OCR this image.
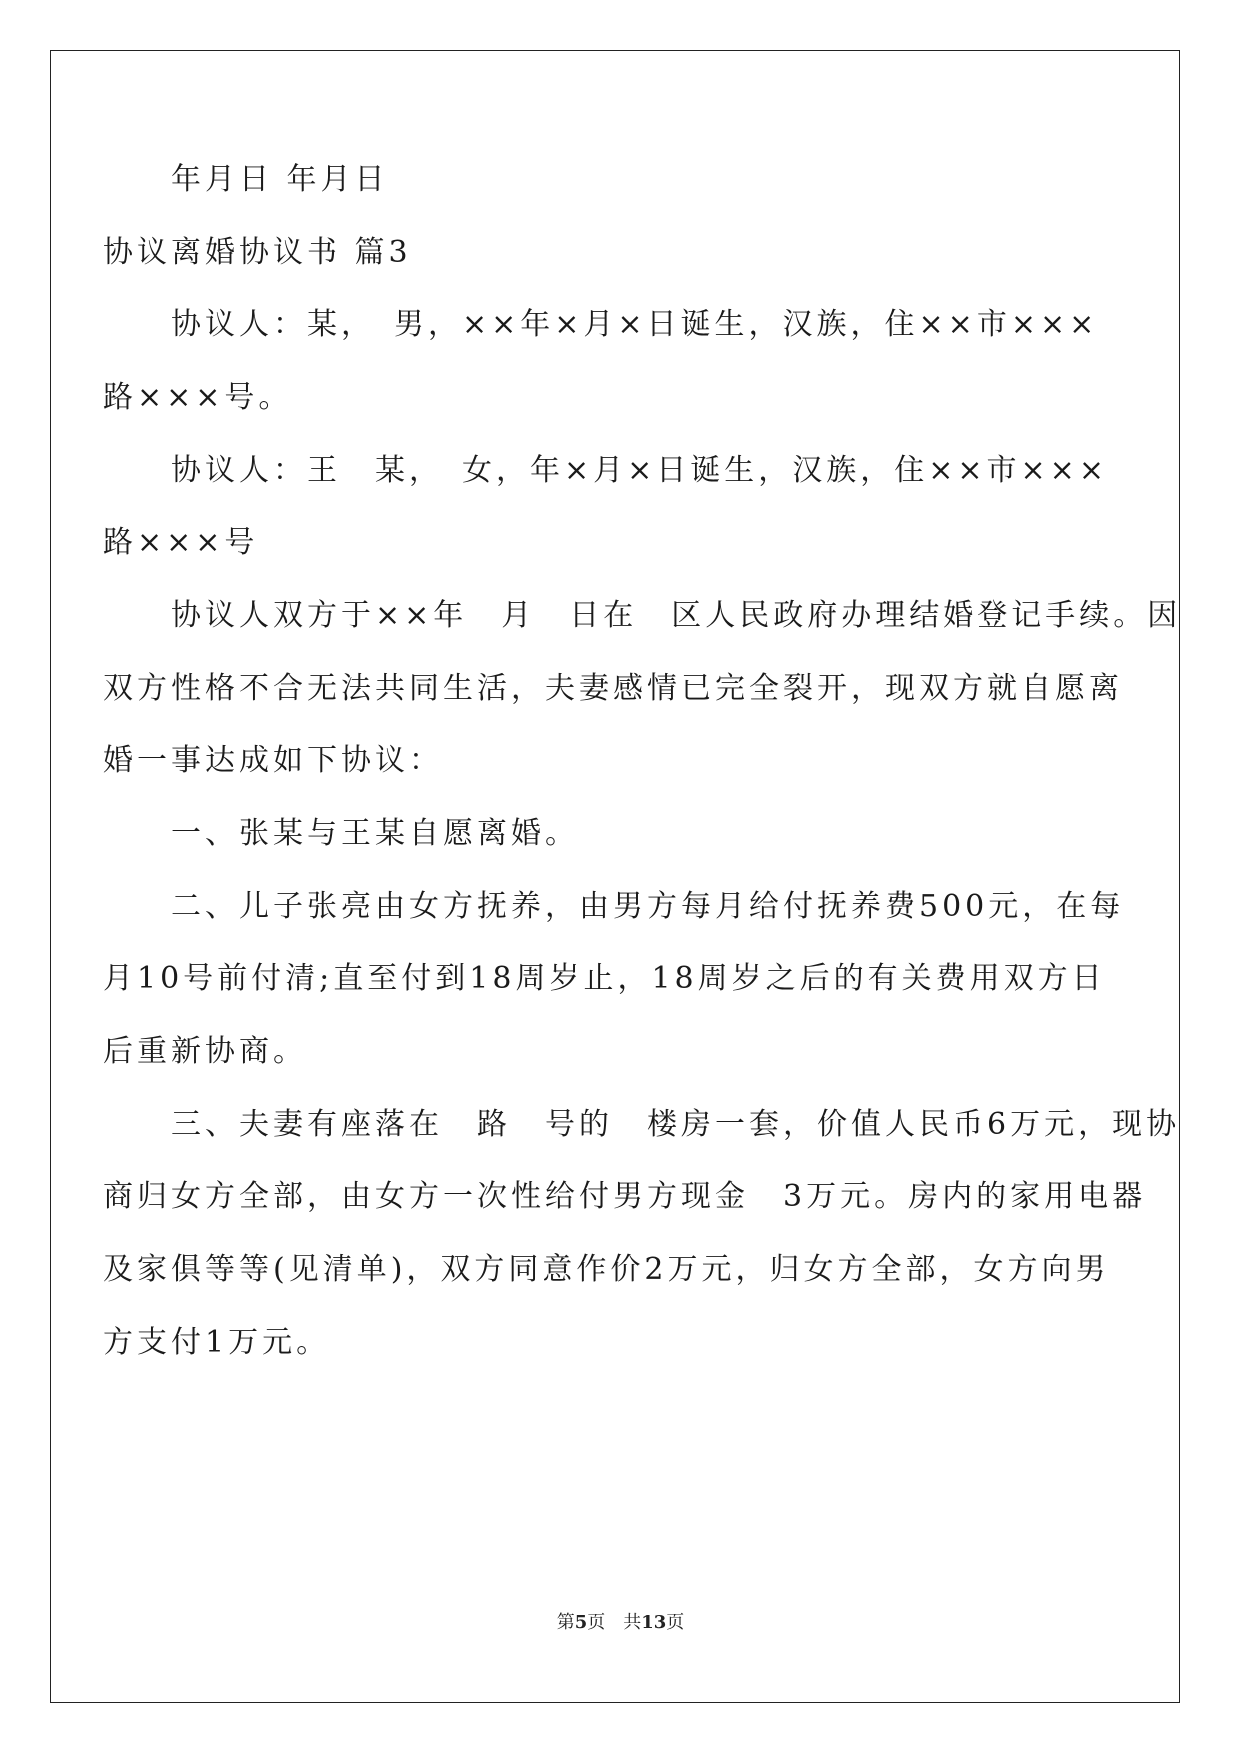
　　年月日 年月日
协议离婚协议书 篇3
　　协议人：某，　男，××年×月×日诞生，汉族，住××市×××
路×××号。
　　协议人：王　某，　女，年×月×日诞生，汉族，住××市×××
路×××号
　　协议人双方于××年　月　日在　区人民政府办理结婚登记手续。因
双方性格不合无法共同生活，夫妻感情已完全裂开，现双方就自愿离
婚一事达成如下协议：
　　一、张某与王某自愿离婚。
　　二、儿子张亮由女方抚养，由男方每月给付抚养费500元，在每
月10号前付清;直至付到18周岁止，18周岁之后的有关费用双方日
后重新协商。
　　三、夫妻有座落在　路　号的　楼房一套，价值人民币6万元，现协
商归女方全部，由女方一次性给付男方现金　3万元。房内的家用电器
及家俱等等(见清单)，双方同意作价2万元，归女方全部，女方向男
方支付1万元。
第5页　共13页
